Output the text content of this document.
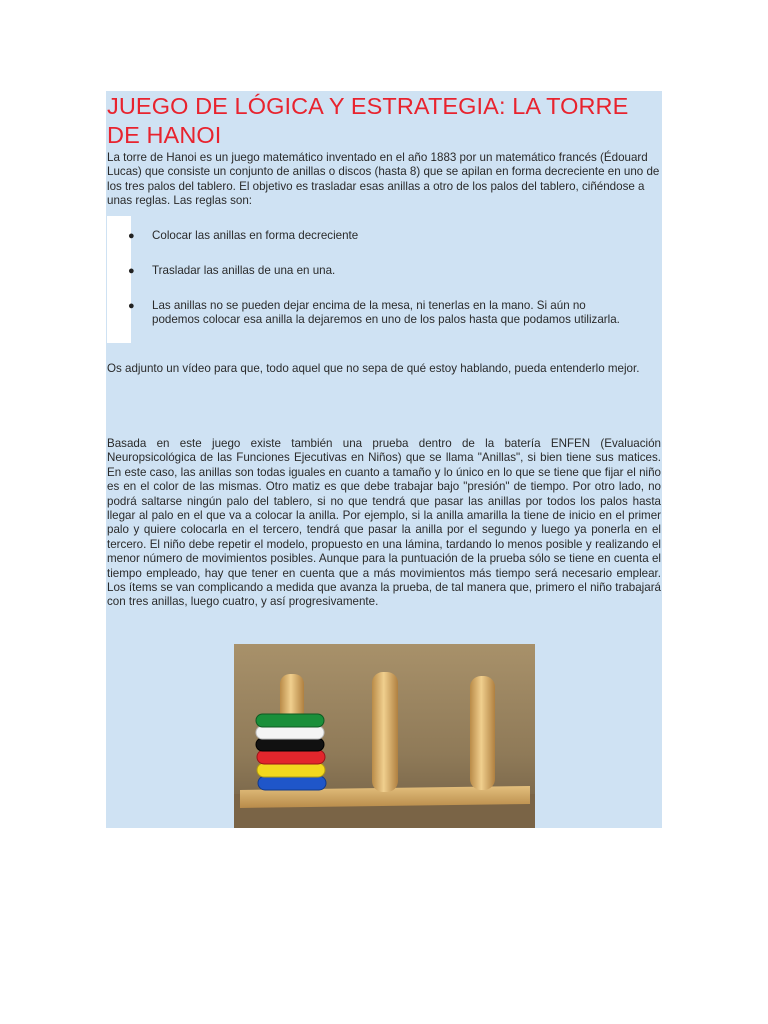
JUEGO DE LÓGICA Y ESTRATEGIA: LA TORRE DE HANOI

La torre de Hanoi es un juego matemático inventado en el año 1883 por un matemático francés (Édouard Lucas) que consiste un conjunto de anillas o discos (hasta 8) que se apilan en forma decreciente en uno de los tres palos del tablero. El objetivo es trasladar esas anillas a otro de los palos del tablero, ciñéndose a unas reglas. Las reglas son:

● Colocar las anillas en forma decreciente
● Trasladar las anillas de una en una.
● Las anillas no se pueden dejar encima de la mesa, ni tenerlas en la mano. Si aún no podemos colocar esa anilla la dejaremos en uno de los palos hasta que podamos utilizarla.

Os adjunto un vídeo para que, todo aquel que no sepa de qué estoy hablando, pueda entenderlo mejor.

Basada en este juego existe también una prueba dentro de la batería ENFEN (Evaluación Neuropsicológica de las Funciones Ejecutivas en Niños) que se llama "Anillas", si bien tiene sus matices. En este caso, las anillas son todas iguales en cuanto a tamaño y lo único en lo que se tiene que fijar el niño es en el color de las mismas. Otro matiz es que debe trabajar bajo "presión" de tiempo. Por otro lado, no podrá saltarse ningún palo del tablero, si no que tendrá que pasar las anillas por todos los palos hasta llegar al palo en el que va a colocar la anilla. Por ejemplo, si la anilla amarilla la tiene de inicio en el primer palo y quiere colocarla en el tercero, tendrá que pasar la anilla por el segundo y luego ya ponerla en el tercero. El niño debe repetir el modelo, propuesto en una lámina, tardando lo menos posible y realizando el menor número de movimientos posibles. Aunque para la puntuación de la prueba sólo se tiene en cuenta el tiempo empleado, hay que tener en cuenta que a más movimientos más tiempo será necesario emplear. Los ítems se van complicando a medida que avanza la prueba, de tal manera que, primero el niño trabajará con tres anillas, luego cuatro, y así progresivamente.
